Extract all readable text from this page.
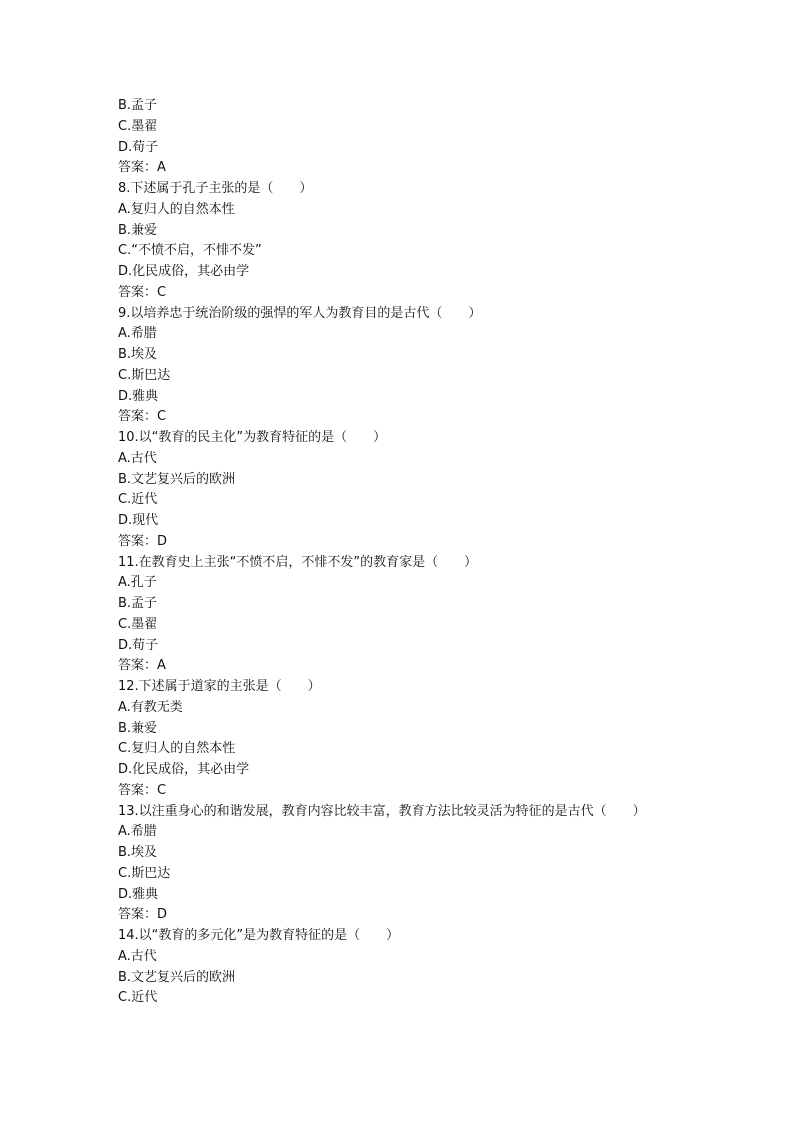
B.孟子
C.墨翟
D.荀子
答案：A
8.下述属于孔子主张的是（　　）
A.复归人的自然本性
B.兼爱
C.“不愤不启，不悱不发”
D.化民成俗，其必由学
答案：C
9.以培养忠于统治阶级的强悍的军人为教育目的是古代（　　）
A.希腊
B.埃及
C.斯巴达
D.雅典
答案：C
10.以“教育的民主化”为教育特征的是（　　）
A.古代
B.文艺复兴后的欧洲
C.近代
D.现代
答案：D
11.在教育史上主张“不愤不启，不悱不发”的教育家是（　　）
A.孔子
B.孟子
C.墨翟
D.荀子
答案：A
12.下述属于道家的主张是（　　）
A.有教无类
B.兼爱
C.复归人的自然本性
D.化民成俗，其必由学
答案：C
13.以注重身心的和谐发展，教育内容比较丰富，教育方法比较灵活为特征的是古代（　　）
A.希腊
B.埃及
C.斯巴达
D.雅典
答案：D
14.以“教育的多元化”是为教育特征的是（　　）
A.古代
B.文艺复兴后的欧洲
C.近代
